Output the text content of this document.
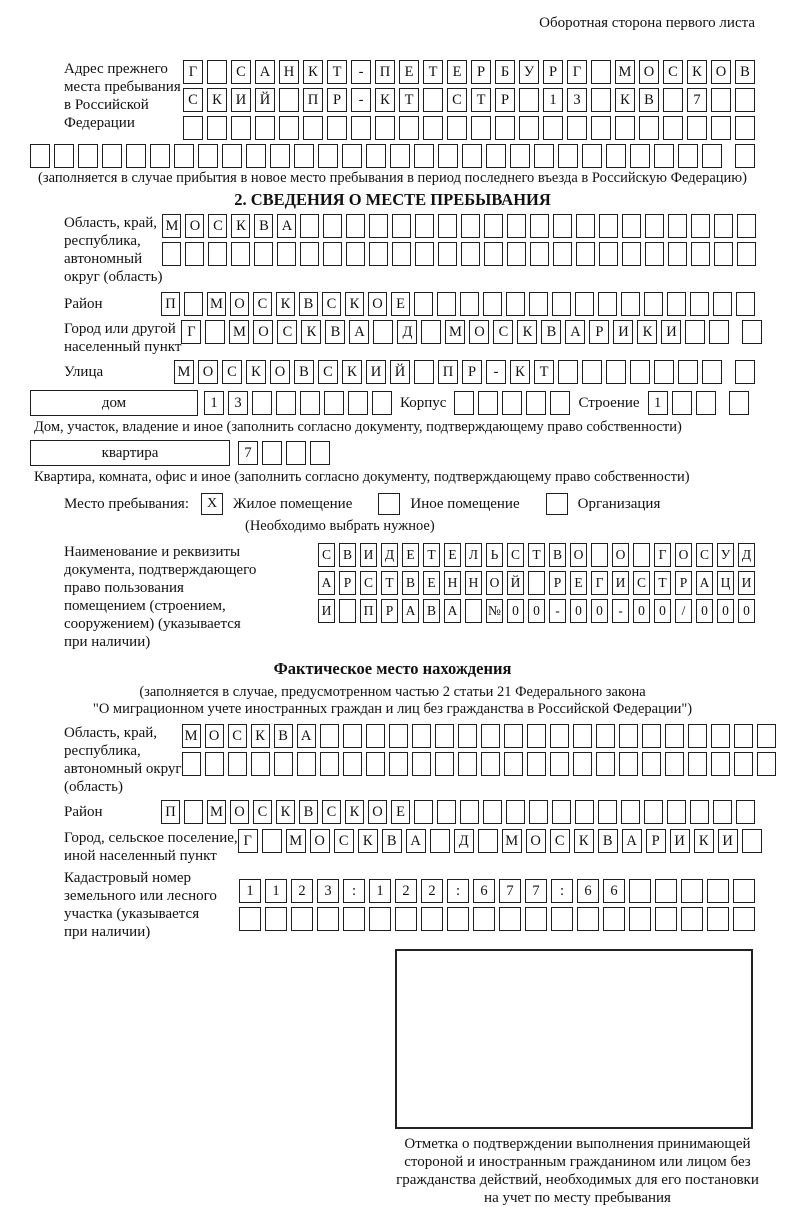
Оборотная сторона первого листа
Адрес прежнего
места пребывания
в Российской
Федерации
Г	С А Н К	Т	-	П Е	Т	Е	Р	Б	У	Р	Г	М О С К О В
С К И Й	П	Р	-	К	Т	С	Т	Р	1	3	К В	7
(заполняется в случае прибытия в новое место пребывания в период последнего въезда в Российскую Федерацию)
2. СВЕДЕНИЯ О МЕСТЕ ПРЕБЫВАНИЯ
Область, край,
республика,
автономный
округ (область)
М О С К В А
Район	П М О С К В С К О Е
Город или другой
населенный пункт
Г	М О С К В А	Д	М О С К В А	Р	И К И
Улица	М О С К О В С К И Й	П	Р	-	К	Т
дом	1	3	Корпус	Строение 1
Дом, участок, владение и иное (заполнить согласно документу, подтверждающему право собственности)
квартира	7
Квартира, комната, офис и иное (заполнить согласно документу, подтверждающему право собственности)
Место пребывания:	X	Жилое помещение	Иное помещение	Организация
(Необходимо выбрать нужное)
Наименование и реквизиты
документа, подтверждающего
право пользования
помещением (строением,
сооружением) (указывается
при наличии)
С В И Д Е Т Е Л Ь С Т В О О	Г О С У Д
А Р С Т В Е Н Н О Й	Р Е Г И С Т Р А Ц И
И П Р А В А № 0	0	-	0	0	-	0	0	/	0	0	0
Фактическое место нахождения
(заполняется в случае, предусмотренном частью 2 статьи 21 Федерального закона
"О миграционном учете иностранных граждан и лиц без гражданства в Российской Федерации")
Область, край,
республика,
автономный округ
(область)
М О С К В А
Район	П М О С К В С К О Е
Город, сельское поселение,
иной населенный пункт
Г	М О С К В А	Д	М О С К В А	Р	И К И
Кадастровый номер
земельного или лесного
участка (указывается
при наличии)
1	1	2	3	:	1	2	2	:	6	7	7	:	6	6
Отметка о подтверждении выполнения принимающей
стороной и иностранным гражданином или лицом без
гражданства действий, необходимых для его постановки
на учет по месту пребывания
